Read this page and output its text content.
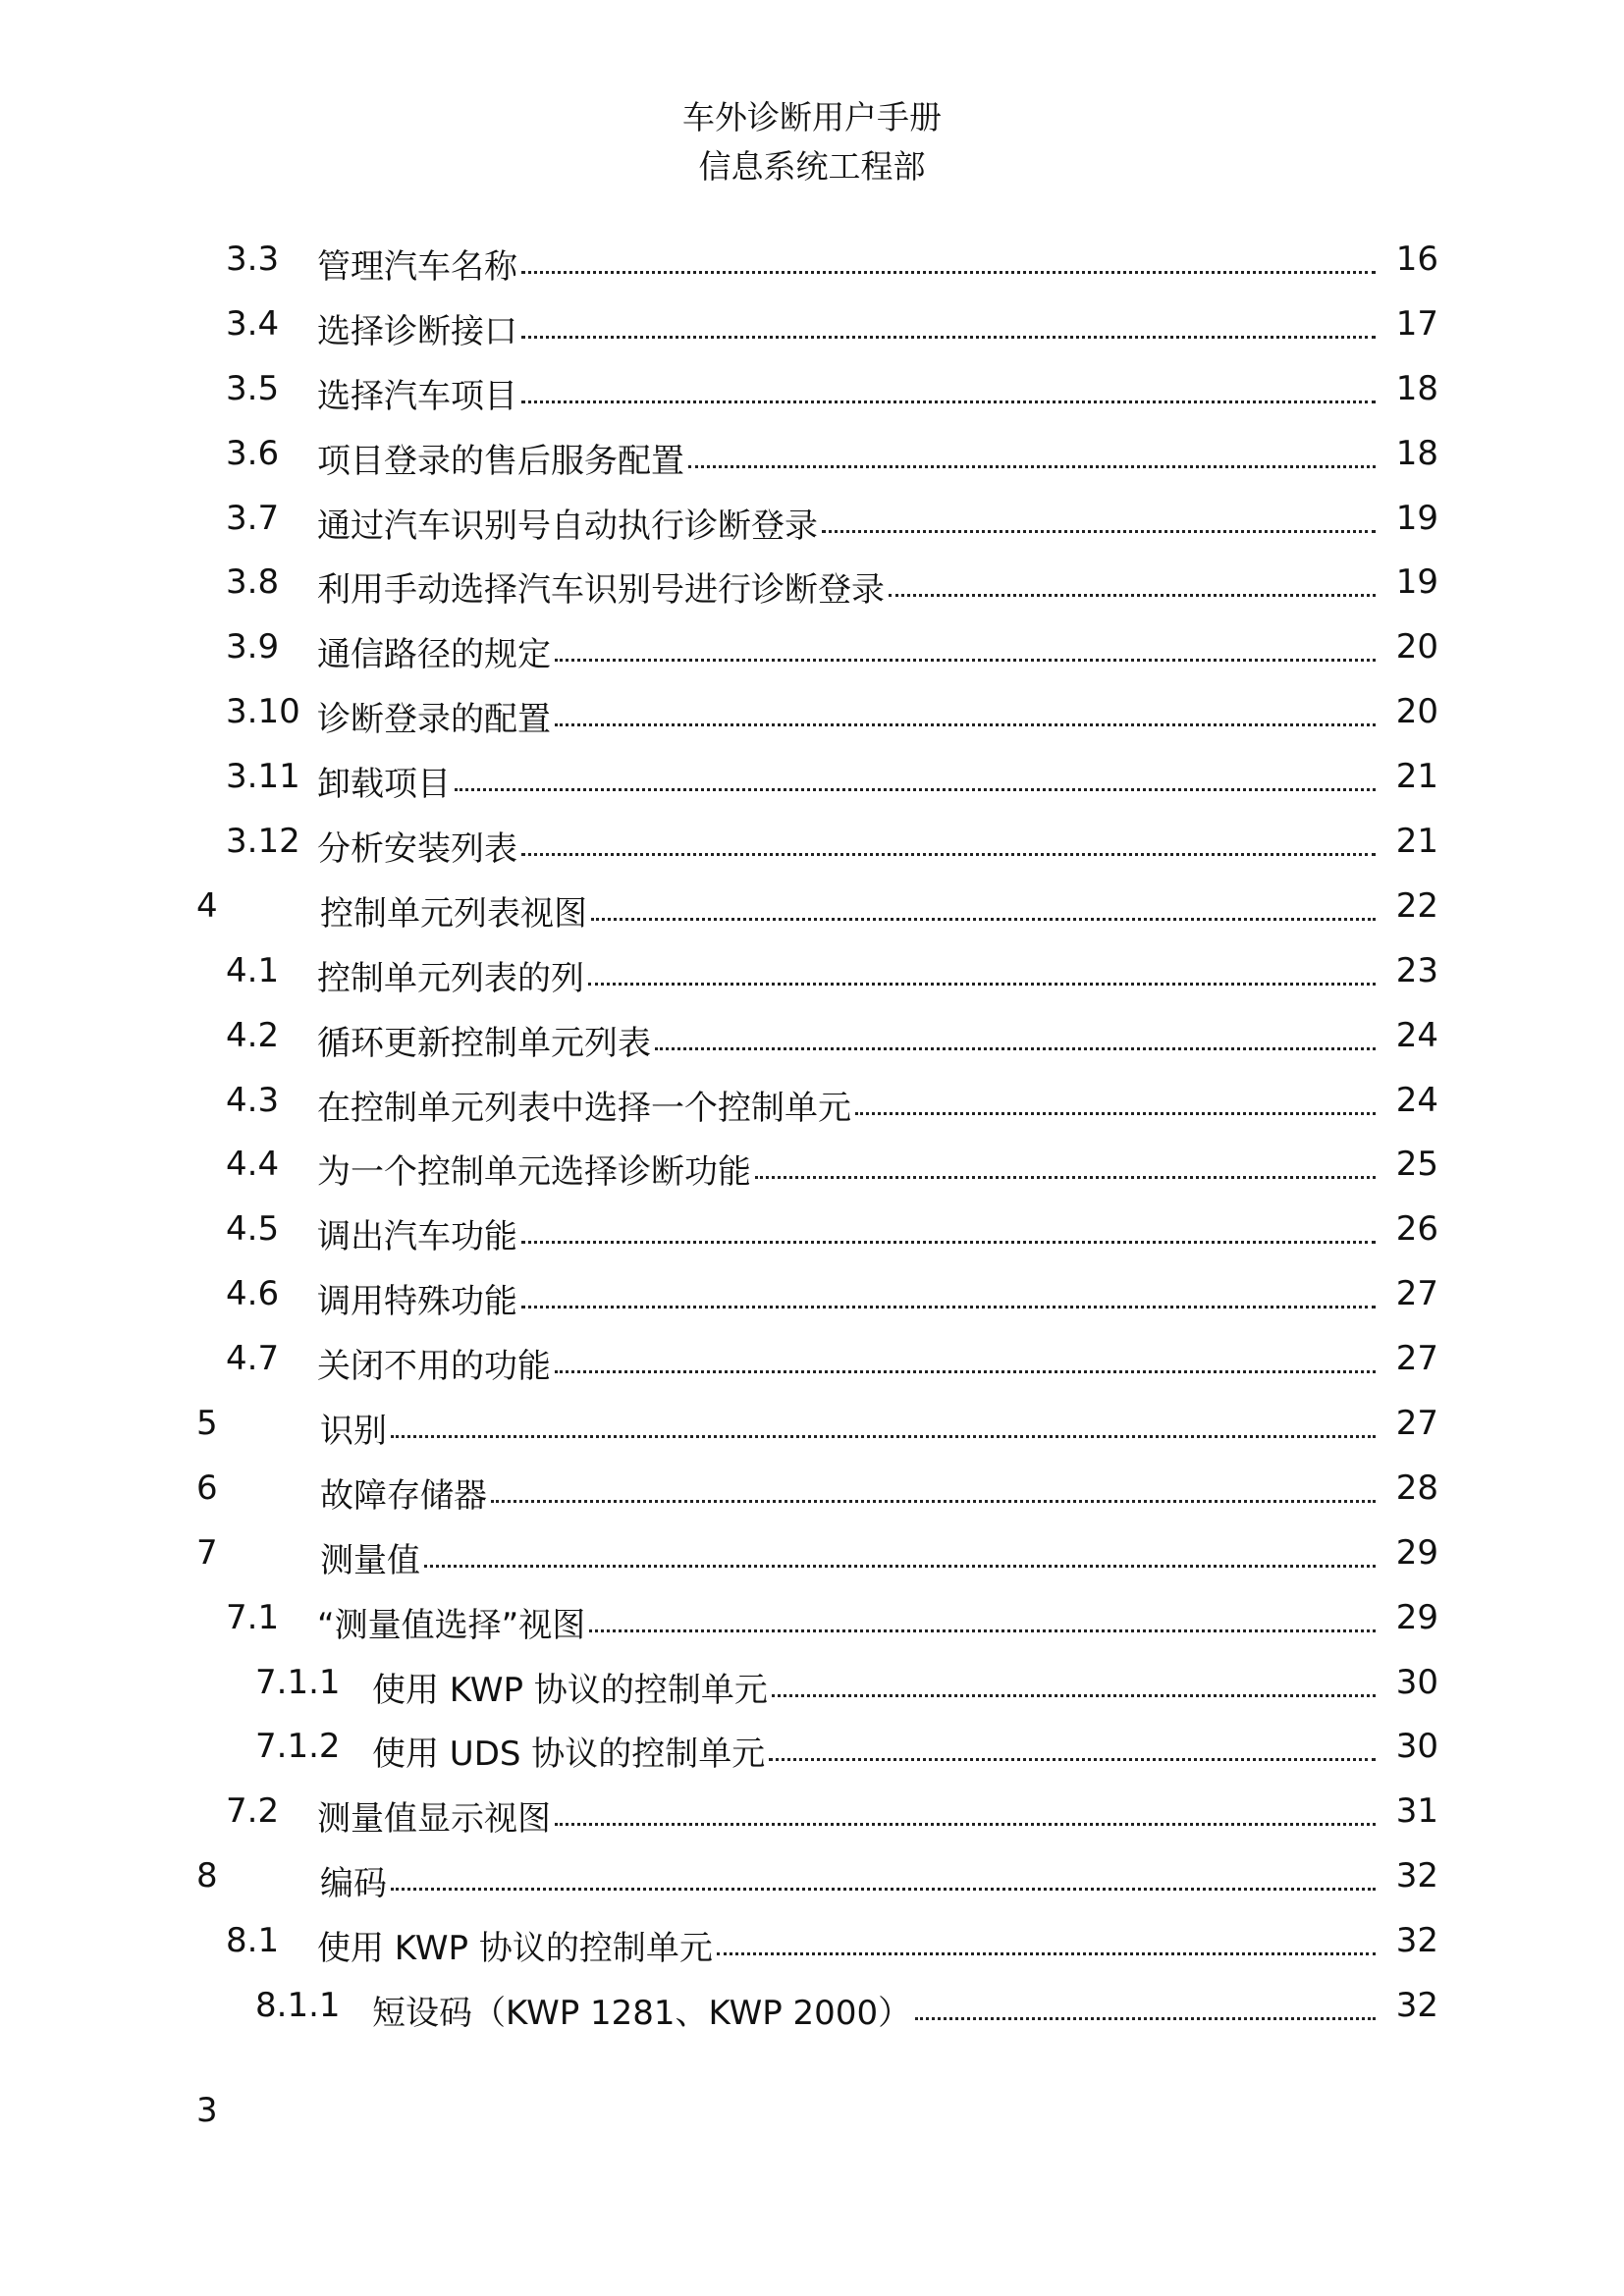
车外诊断用户手册
信息系统工程部
3.3 管理汽车名称	16
3.4 选择诊断接口	17
3.5 选择汽车项目	18
3.6 项目登录的售后服务配置	18
3.7 通过汽车识别号自动执行诊断登录	19
3.8 利用手动选择汽车识别号进行诊断登录	19
3.9 通信路径的规定	20
3.10 诊断登录的配置	20
3.11 卸载项目	21
3.12 分析安装列表	21
4	控制单元列表视图	22
4.1 控制单元列表的列	23
4.2 循环更新控制单元列表	24
4.3 在控制单元列表中选择一个控制单元	24
4.4 为一个控制单元选择诊断功能	25
4.5 调出汽车功能	26
4.6 调用特殊功能	27
4.7 关闭不用的功能	27
5	识别	27
6	故障存储器	28
7	测量值	29
7.1 “测量值选择”视图	29
7.1.1 使用 KWP 协议的控制单元	30
7.1.2 使用 UDS 协议的控制单元	30
7.2 测量值显示视图	31
8	编码	32
8.1 使用 KWP 协议的控制单元	32
8.1.1 短设码（KWP 1281、KWP 2000）	32
3
